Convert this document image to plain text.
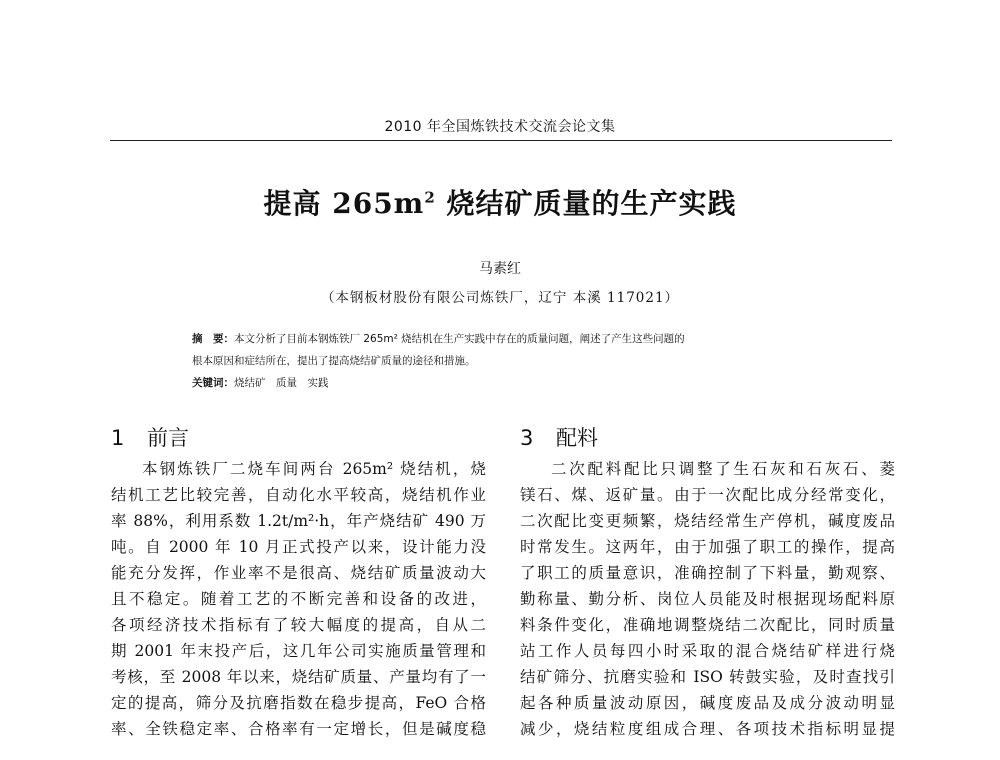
2010 年全国炼铁技术交流会论文集
提高 $265m^2$ 烧结矿质量的生产实践
马素红
（本钢板材股份有限公司炼铁厂，辽宁 本溪 117021）
摘　要：本文分析了目前本钢炼铁厂 265m² 烧结机在生产实践中存在的质量问题，阐述了产生这些问题的
根本原因和症结所在，提出了提高烧结矿质量的途径和措施。
关键词：烧结矿　质量　实践
1 前言
本钢炼铁厂二烧车间两台 265m² 烧结机，烧
结机工艺比较完善，自动化水平较高，烧结机作业
率 88%，利用系数 1.2t/m²·h，年产烧结矿 490 万
吨。自 2000 年 10 月正式投产以来，设计能力没
能充分发挥，作业率不是很高、烧结矿质量波动大
且不稳定。随着工艺的不断完善和设备的改进，
各项经济技术指标有了较大幅度的提高，自从二
期 2001 年末投产后，这几年公司实施质量管理和
考核，至 2008 年以来，烧结矿质量、产量均有了一
定的提高，筛分及抗磨指数在稳步提高，FeO 合格
率、全铁稳定率、合格率有一定增长，但是碱度稳
3 配料
二次配料配比只调整了生石灰和石灰石、菱
镁石、煤、返矿量。由于一次配比成分经常变化，
二次配比变更频繁，烧结经常生产停机，碱度废品
时常发生。这两年，由于加强了职工的操作，提高
了职工的质量意识，准确控制了下料量，勤观察、
勤称量、勤分析、岗位人员能及时根据现场配料原
料条件变化，准确地调整烧结二次配比，同时质量
站工作人员每四小时采取的混合烧结矿样进行烧
结矿筛分、抗磨实验和 ISO 转鼓实验，及时查找引
起各种质量波动原因，碱度废品及成分波动明显
减少，烧结粒度组成合理、各项技术指标明显提
